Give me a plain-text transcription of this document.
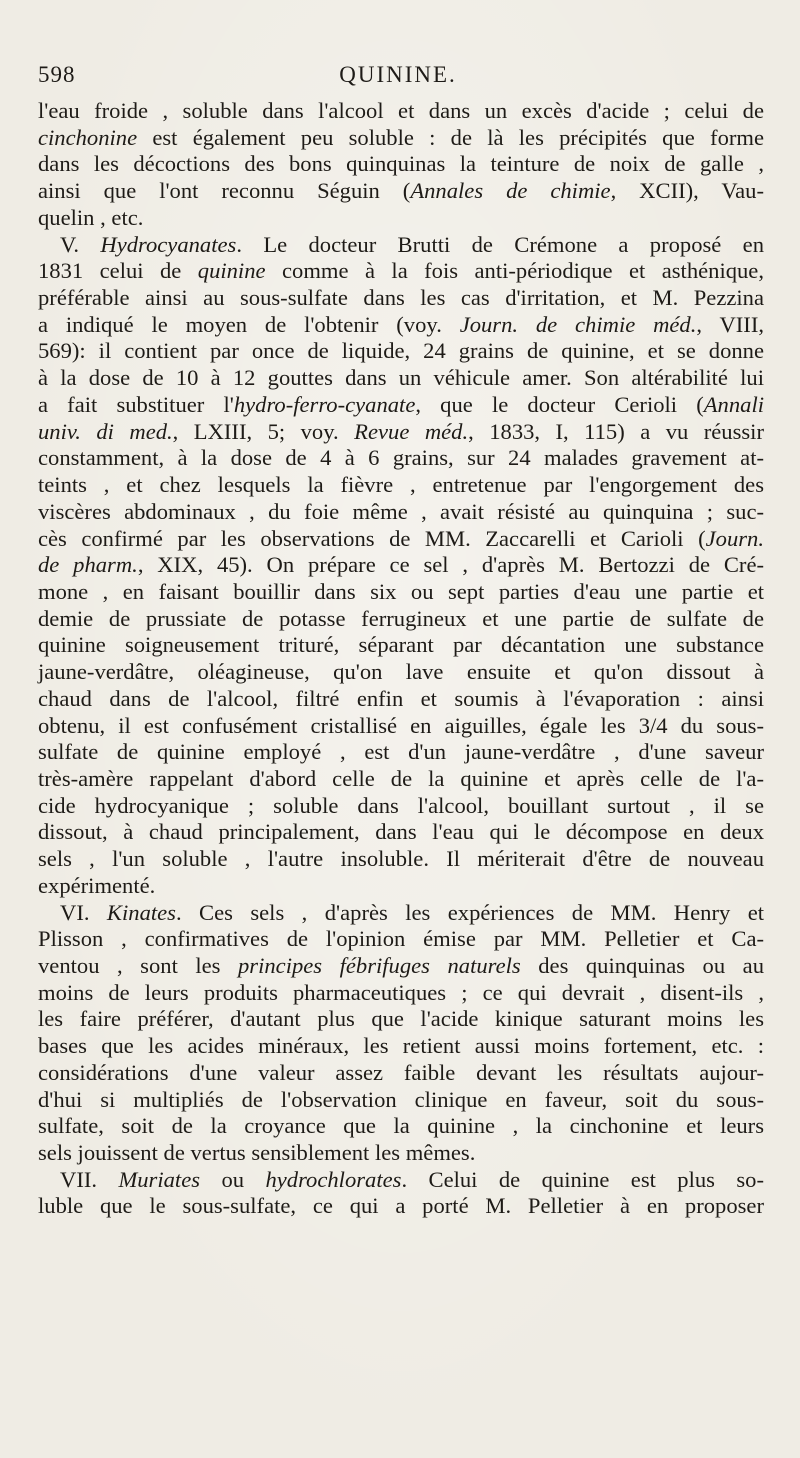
598	QUININE.
l'eau froide , soluble dans l'alcool et dans un excès d'acide ; celui de
cinchonine est également peu soluble : de là les précipités que forme
dans les décoctions des bons quinquinas la teinture de noix de galle ,
ainsi que l'ont reconnu Séguin (Annales de chimie, XCII), Vau-
quelin , etc.
V. Hydrocyanates. Le docteur Brutti de Crémone a proposé en
1831 celui de quinine comme à la fois anti-périodique et asthénique,
préférable ainsi au sous-sulfate dans les cas d'irritation, et M. Pezzina
a indiqué le moyen de l'obtenir (voy. Journ. de chimie méd., VIII,
569): il contient par once de liquide, 24 grains de quinine, et se donne
à la dose de 10 à 12 gouttes dans un véhicule amer. Son altérabilité lui
a fait substituer l'hydro-ferro-cyanate, que le docteur Cerioli (Annali
univ. di med., LXIII, 5; voy. Revue méd., 1833, I, 115) a vu réussir
constamment, à la dose de 4 à 6 grains, sur 24 malades gravement at-
teints , et chez lesquels la fièvre , entretenue par l'engorgement des
viscères abdominaux , du foie même , avait résisté au quinquina ; suc-
cès confirmé par les observations de MM. Zaccarelli et Carioli (Journ.
de pharm., XIX, 45). On prépare ce sel , d'après M. Bertozzi de Cré-
mone , en faisant bouillir dans six ou sept parties d'eau une partie et
demie de prussiate de potasse ferrugineux et une partie de sulfate de
quinine soigneusement trituré, séparant par décantation une substance
jaune-verdâtre, oléagineuse, qu'on lave ensuite et qu'on dissout à
chaud dans de l'alcool, filtré enfin et soumis à l'évaporation : ainsi
obtenu, il est confusément cristallisé en aiguilles, égale les 3/4 du sous-
sulfate de quinine employé , est d'un jaune-verdâtre , d'une saveur
très-amère rappelant d'abord celle de la quinine et après celle de l'a-
cide hydrocyanique ; soluble dans l'alcool, bouillant surtout , il se
dissout, à chaud principalement, dans l'eau qui le décompose en deux
sels , l'un soluble , l'autre insoluble. Il mériterait d'être de nouveau
expérimenté.
VI. Kinates. Ces sels , d'après les expériences de MM. Henry et
Plisson , confirmatives de l'opinion émise par MM. Pelletier et Ca-
ventou , sont les principes fébrifuges naturels des quinquinas ou au
moins de leurs produits pharmaceutiques ; ce qui devrait , disent-ils ,
les faire préférer, d'autant plus que l'acide kinique saturant moins les
bases que les acides minéraux, les retient aussi moins fortement, etc. :
considérations d'une valeur assez faible devant les résultats aujour-
d'hui si multipliés de l'observation clinique en faveur, soit du sous-
sulfate, soit de la croyance que la quinine , la cinchonine et leurs
sels jouissent de vertus sensiblement les mêmes.
VII. Muriates ou hydrochlorates. Celui de quinine est plus so-
luble que le sous-sulfate, ce qui a porté M. Pelletier à en proposer
